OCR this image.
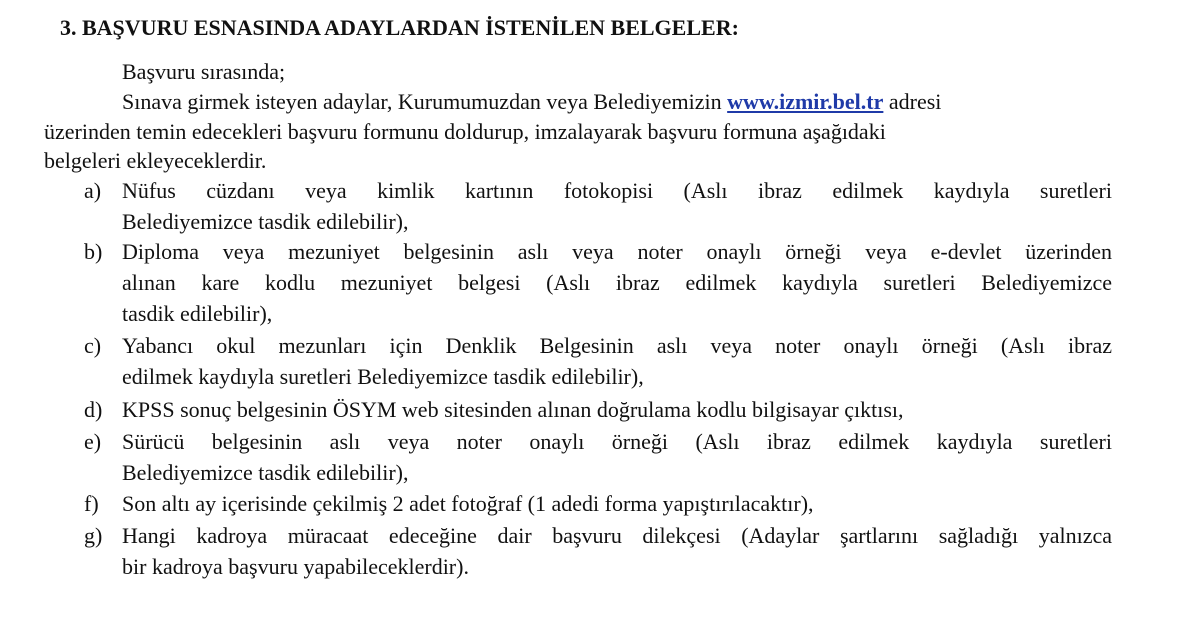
3. BAŞVURU ESNASINDA ADAYLARDAN İSTENİLEN BELGELER:
Başvuru sırasında;
Sınava girmek isteyen adaylar, Kurumumuzdan veya Belediyemizin www.izmir.bel.tr adresi
üzerinden temin edecekleri başvuru formunu doldurup, imzalayarak başvuru formuna aşağıdaki
belgeleri ekleyeceklerdir.
a) Nüfus cüzdanı veya kimlik kartının fotokopisi (Aslı ibraz edilmek kaydıyla suretleri
Belediyemizce tasdik edilebilir),
b) Diploma veya mezuniyet belgesinin aslı veya noter onaylı örneği veya e-devlet üzerinden
alınan kare kodlu mezuniyet belgesi (Aslı ibraz edilmek kaydıyla suretleri Belediyemizce
tasdik edilebilir),
c) Yabancı okul mezunları için Denklik Belgesinin aslı veya noter onaylı örneği (Aslı ibraz
edilmek kaydıyla suretleri Belediyemizce tasdik edilebilir),
d) KPSS sonuç belgesinin ÖSYM web sitesinden alınan doğrulama kodlu bilgisayar çıktısı,
e) Sürücü belgesinin aslı veya noter onaylı örneği (Aslı ibraz edilmek kaydıyla suretleri
Belediyemizce tasdik edilebilir),
f)	Son altı ay içerisinde çekilmiş 2 adet fotoğraf (1 adedi forma yapıştırılacaktır),
g) Hangi kadroya müracaat edeceğine dair başvuru dilekçesi (Adaylar şartlarını sağladığı yalnızca
bir kadroya başvuru yapabileceklerdir).
